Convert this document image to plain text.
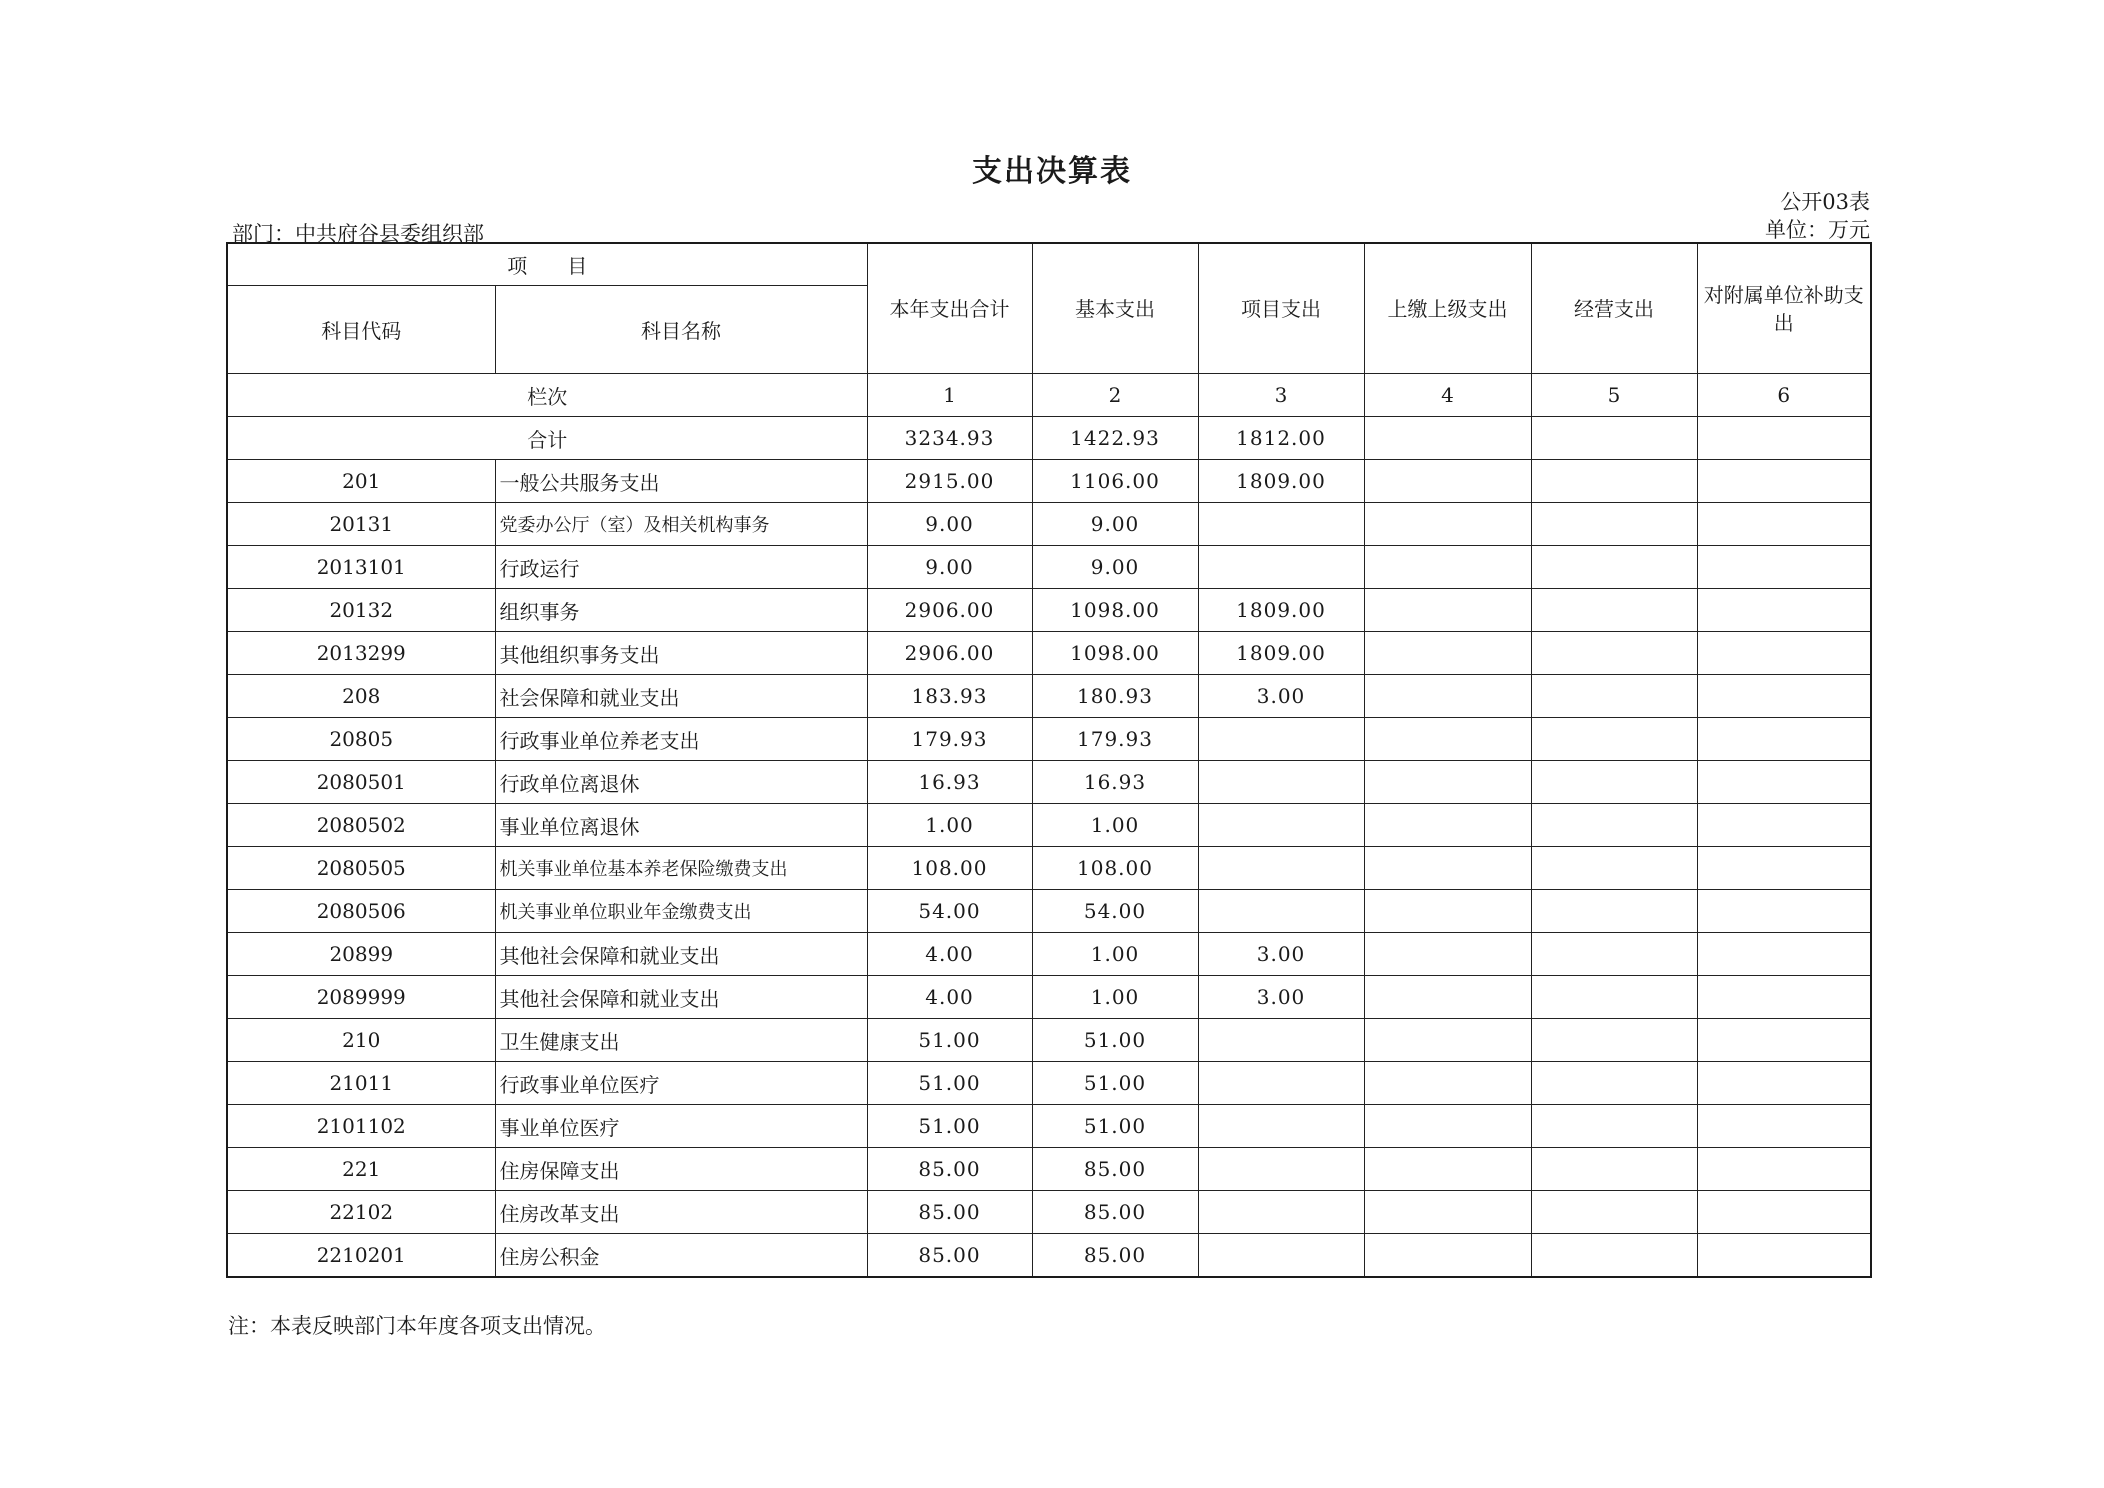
支出决算表
公开03表
单位：万元
部门：中共府谷县委组织部
项　　目		本年支出合计	基本支出	项目支出	上缴上级支出	经营支出	对附属单位补助支出
科目代码	科目名称						
栏次		1	2	3	4	5	6
合计		3234.93	1422.93	1812.00			
201	一般公共服务支出	2915.00	1106.00	1809.00			
20131	党委办公厅（室）及相关机构事务	9.00	9.00				
2013101	行政运行	9.00	9.00				
20132	组织事务	2906.00	1098.00	1809.00			
2013299	其他组织事务支出	2906.00	1098.00	1809.00			
208	社会保障和就业支出	183.93	180.93	3.00			
20805	行政事业单位养老支出	179.93	179.93				
2080501	行政单位离退休	16.93	16.93				
2080502	事业单位离退休	1.00	1.00				
2080505	机关事业单位基本养老保险缴费支出	108.00	108.00				
2080506	机关事业单位职业年金缴费支出	54.00	54.00				
20899	其他社会保障和就业支出	4.00	1.00	3.00			
2089999	其他社会保障和就业支出	4.00	1.00	3.00			
210	卫生健康支出	51.00	51.00				
21011	行政事业单位医疗	51.00	51.00				
2101102	事业单位医疗	51.00	51.00				
221	住房保障支出	85.00	85.00				
22102	住房改革支出	85.00	85.00				
2210201	住房公积金	85.00	85.00				
注：本表反映部门本年度各项支出情况。
